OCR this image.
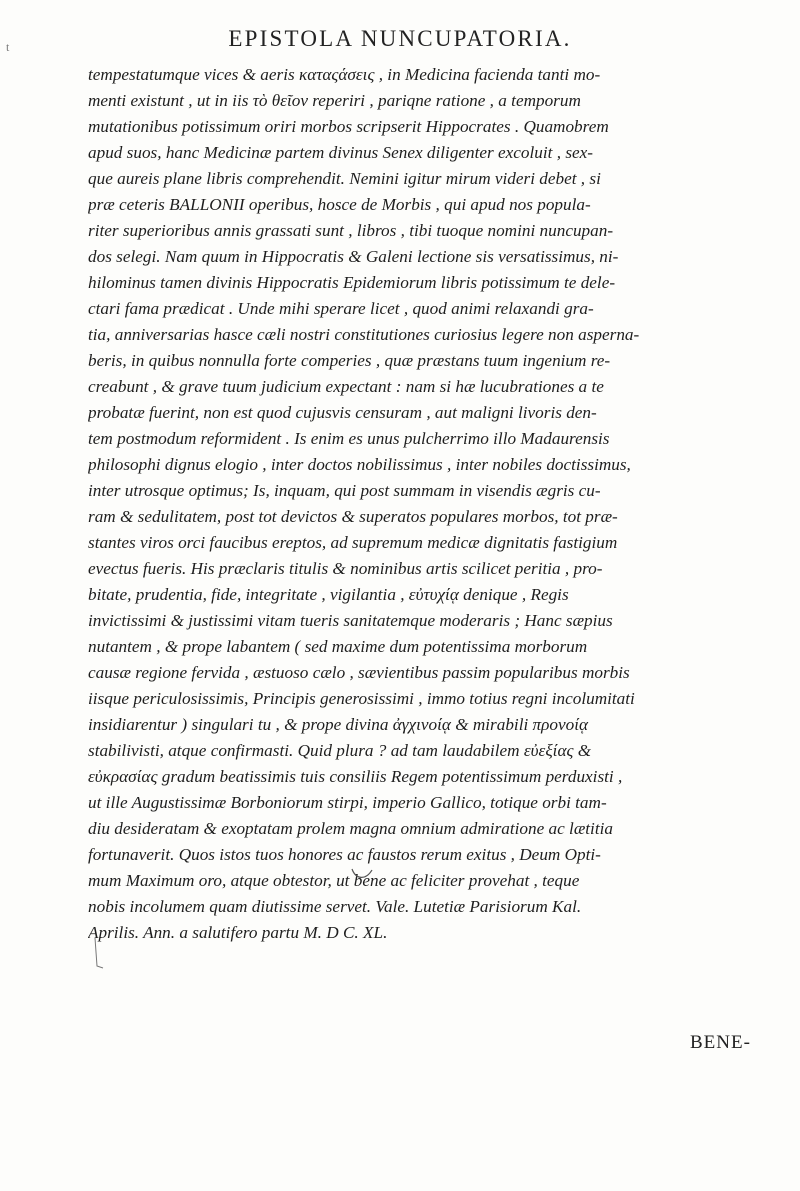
t	EPISTOLA NUNCUPATORIA.
tempestatumque vices & aeris καταςάσεις , in Medicina facienda tanti mo-
menti existunt , ut in iis τὸ θεῖον reperiri , pariqne ratione , a temporum
mutationibus potissimum oriri morbos scripserit Hippocrates . Quamobrem
apud suos, hanc Medicinæ partem divinus Senex diligenter excoluit , sex-
que aureis plane libris comprehendit. Nemini igitur mirum videri debet , si
præ ceteris BALLONII operibus, hosce de Morbis , qui apud nos popula-
riter superioribus annis grassati sunt , libros , tibi tuoque nomini nuncupan-
dos selegi. Nam quum in Hippocratis & Galeni lectione sis versatissimus, ni-
hilominus tamen divinis Hippocratis Epidemiorum libris potissimum te dele-
ctari fama prædicat . Unde mihi sperare licet , quod animi relaxandi gra-
tia, anniversarias hasce cæli nostri constitutiones curiosius legere non asperna-
beris, in quibus nonnulla forte comperies , quæ præstans tuum ingenium re-
creabunt , & grave tuum judicium expectant : nam si hæ lucubrationes a te
probatæ fuerint, non est quod cujusvis censuram , aut maligni livoris den-
tem postmodum reformident . Is enim es unus pulcherrimo illo Madaurensis
philosophi dignus elogio , inter doctos nobilissimus , inter nobiles doctissimus,
inter utrosque optimus; Is, inquam, qui post summam in visendis ægris cu-
ram & sedulitatem, post tot devictos & superatos populares morbos, tot præ-
stantes viros orci faucibus ereptos, ad supremum medicæ dignitatis fastigium
evectus fueris. His præclaris titulis & nominibus artis scilicet peritia , pro-
bitate, prudentia, fide, integritate , vigilantia , εὐτυχίᾳ denique , Regis
invictissimi & justissimi vitam tueris sanitatemque moderaris ; Hanc sæpius
nutantem , & prope labantem ( sed maxime dum potentissima morborum
causæ regione fervida , æstuoso cælo , sævientibus passim popularibus morbis
iisque periculosissimis, Principis generosissimi , immo totius regni incolumitati
insidiarentur ) singulari tu , & prope divina ἀγχινοίᾳ & mirabili προνοίᾳ
stabilivisti, atque confirmasti. Quid plura ? ad tam laudabilem εὐεξίας &
εὐκρασίας gradum beatissimis tuis consiliis Regem potentissimum perduxisti ,
ut ille Augustissimæ Borboniorum stirpi, imperio Gallico, totique orbi tam-
diu desideratam & exoptatam prolem magna omnium admiratione ac lætitia
fortunaverit. Quos istos tuos honores ac faustos rerum exitus , Deum Opti-
mum Maximum oro, atque obtestor, ut bene ac feliciter provehat , teque
nobis incolumem quam diutissime servet. Vale. Lutetiæ Parisiorum Kal.
Aprilis. Ann. a salutifero partu M. D C. XL.
BENE-
